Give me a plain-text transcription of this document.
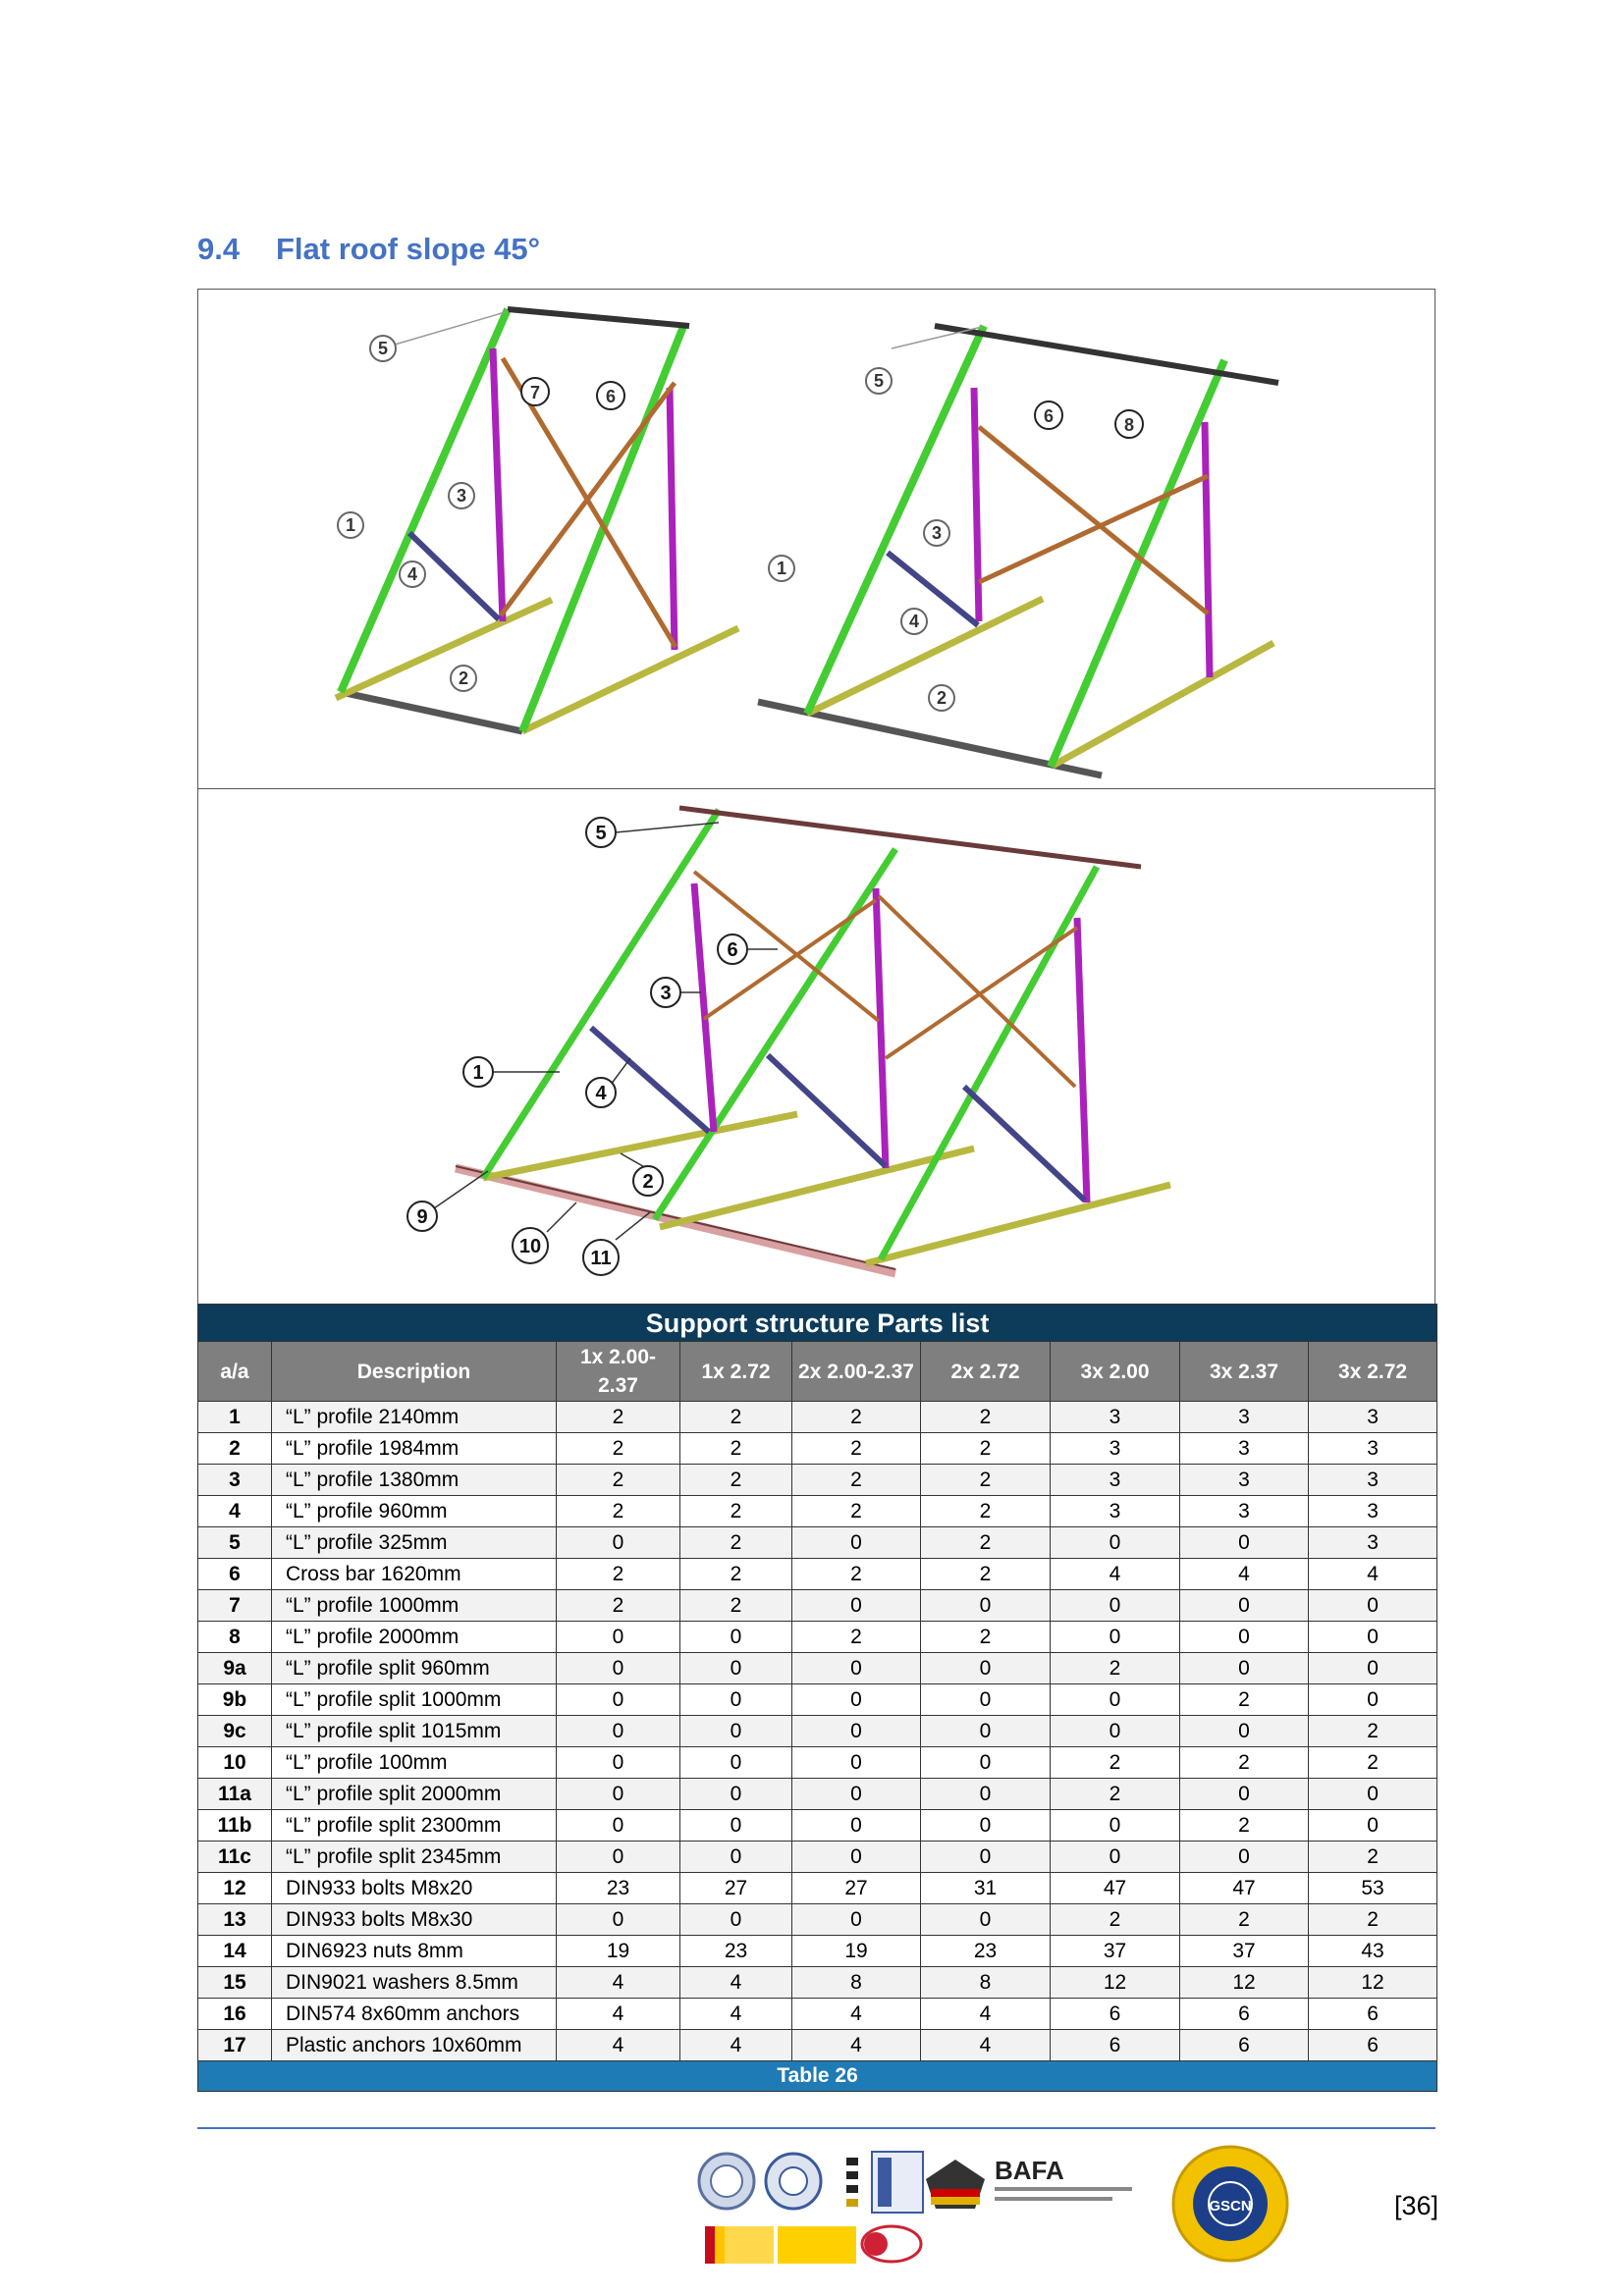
9.4 Flat roof slope 45°
5
7	6
3
1
4
2
5
6	8
3
1
4
2
5
6
3
1
4
2
9
10
11
Support structure Parts list								
a/a	Description	1x 2.00-2.37	1x 2.72	2x 2.00-2.37	2x 2.72	3x 2.00	3x 2.37	3x 2.72
1	“L” profile 2140mm	2	2	2	2	3	3	3
2	“L” profile 1984mm	2	2	2	2	3	3	3
3	“L” profile 1380mm	2	2	2	2	3	3	3
4	“L” profile 960mm	2	2	2	2	3	3	3
5	“L” profile 325mm	0	2	0	2	0	0	3
6	Cross bar 1620mm	2	2	2	2	4	4	4
7	“L” profile 1000mm	2	2	0	0	0	0	0
8	“L” profile 2000mm	0	0	2	2	0	0	0
9a	“L” profile split 960mm	0	0	0	0	2	0	0
9b	“L” profile split 1000mm	0	0	0	0	0	2	0
9c	“L” profile split 1015mm	0	0	0	0	0	0	2
10	“L” profile 100mm	0	0	0	0	2	2	2
11a	“L” profile split 2000mm	0	0	0	0	2	0	0
11b	“L” profile split 2300mm	0	0	0	0	0	2	0
11c	“L” profile split 2345mm	0	0	0	0	0	0	2
12	DIN933 bolts M8x20	23	27	27	31	47	47	53
13	DIN933 bolts M8x30	0	0	0	0	2	2	2
14	DIN6923 nuts 8mm	19	23	19	23	37	37	43
15	DIN9021 washers 8.5mm	4	4	8	8	12	12	12
16	DIN574 8x60mm anchors	4	4	4	4	6	6	6
17	Plastic anchors 10x60mm	4	4	4	4	6	6	6
Table 26								
BAFA
GSCN	[36]
